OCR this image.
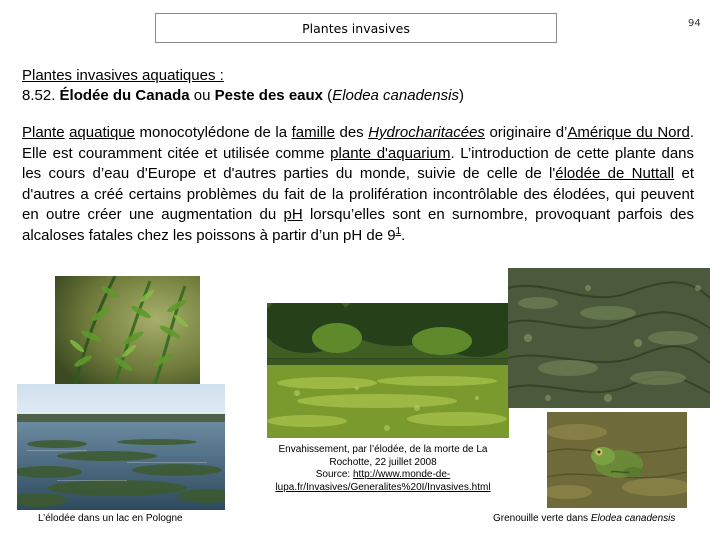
Plantes invasives	94
Plantes invasives aquatiques :
8.52. Élodée du Canada ou Peste des eaux (Elodea canadensis)
Plante aquatique monocotylédone de la famille des Hydrocharitacées originaire d’Amérique du Nord. Elle est couramment citée et utilisée comme plante d'aquarium. L’introduction de cette plante dans les cours d’eau d'Europe et d'autres parties du monde, suivie de celle de l'élodée de Nuttall et d'autres a créé certains problèmes du fait de la prolifération incontrôlable des élodées, qui peuvent en outre créer une augmentation du pH lorsqu’elles sont en surnombre, provoquant parfois des alcaloses fatales chez les poissons à partir d’un pH de $9^1$.
L’élodée dans un lac en Pologne
Envahissement, par l’élodée, de la morte de La
Rochotte, 22 juillet 2008
Source: http://www.monde-de-
lupa.fr/Invasives/Generalites%20I/Invasives.html
Grenouille verte dans Elodea canadensis
